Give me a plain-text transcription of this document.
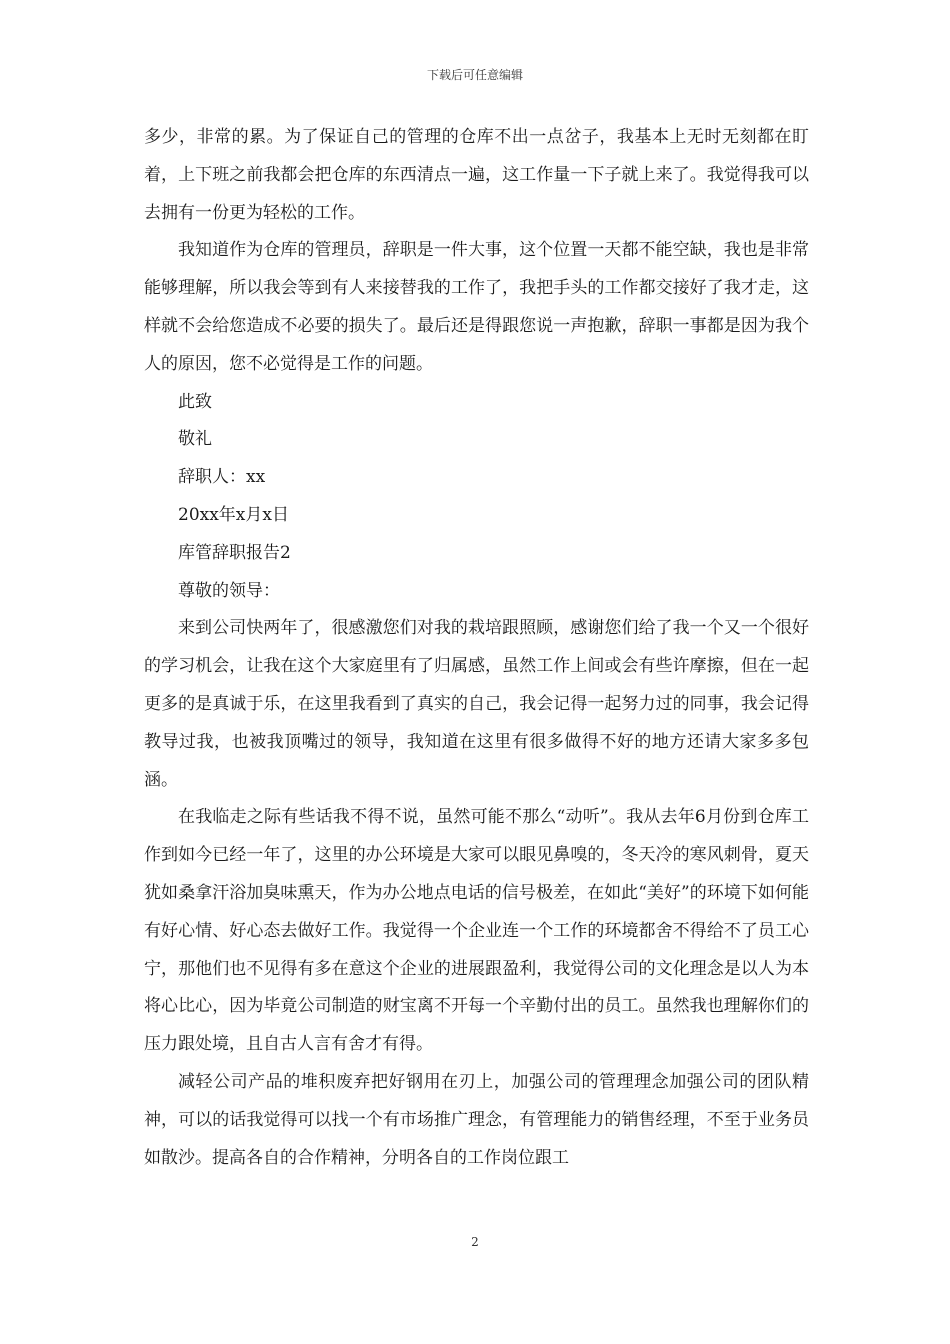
下载后可任意编辑

多少，非常的累。为了保证自己的管理的仓库不出一点岔子，我基本上无时无刻都在盯着，上下班之前我都会把仓库的东西清点一遍，这工作量一下子就上来了。我觉得我可以去拥有一份更为轻松的工作。

我知道作为仓库的管理员，辞职是一件大事，这个位置一天都不能空缺，我也是非常能够理解，所以我会等到有人来接替我的工作了，我把手头的工作都交接好了我才走，这样就不会给您造成不必要的损失了。最后还是得跟您说一声抱歉，辞职一事都是因为我个人的原因，您不必觉得是工作的问题。

此致

敬礼

辞职人：xx

20xx年x月x日

库管辞职报告2

尊敬的领导：

来到公司快两年了，很感激您们对我的栽培跟照顾，感谢您们给了我一个又一个很好的学习机会，让我在这个大家庭里有了归属感，虽然工作上间或会有些许摩擦，但在一起更多的是真诚于乐，在这里我看到了真实的自己，我会记得一起努力过的同事，我会记得教导过我，也被我顶嘴过的领导，我知道在这里有很多做得不好的地方还请大家多多包涵。

在我临走之际有些话我不得不说，虽然可能不那么“动听”。我从去年6月份到仓库工作到如今已经一年了，这里的办公环境是大家可以眼见鼻嗅的，冬天冷的寒风刺骨，夏天犹如桑拿汗浴加臭味熏天，作为办公地点电话的信号极差，在如此“美好”的环境下如何能有好心情、好心态去做好工作。我觉得一个企业连一个工作的环境都舍不得给不了员工心宁，那他们也不见得有多在意这个企业的进展跟盈利，我觉得公司的文化理念是以人为本将心比心，因为毕竟公司制造的财宝离不开每一个辛勤付出的员工。虽然我也理解你们的压力跟处境，且自古人言有舍才有得。

减轻公司产品的堆积废弃把好钢用在刃上，加强公司的管理理念加强公司的团队精神，可以的话我觉得可以找一个有市场推广理念，有管理能力的销售经理，不至于业务员如散沙。提高各自的合作精神，分明各自的工作岗位跟工

2
